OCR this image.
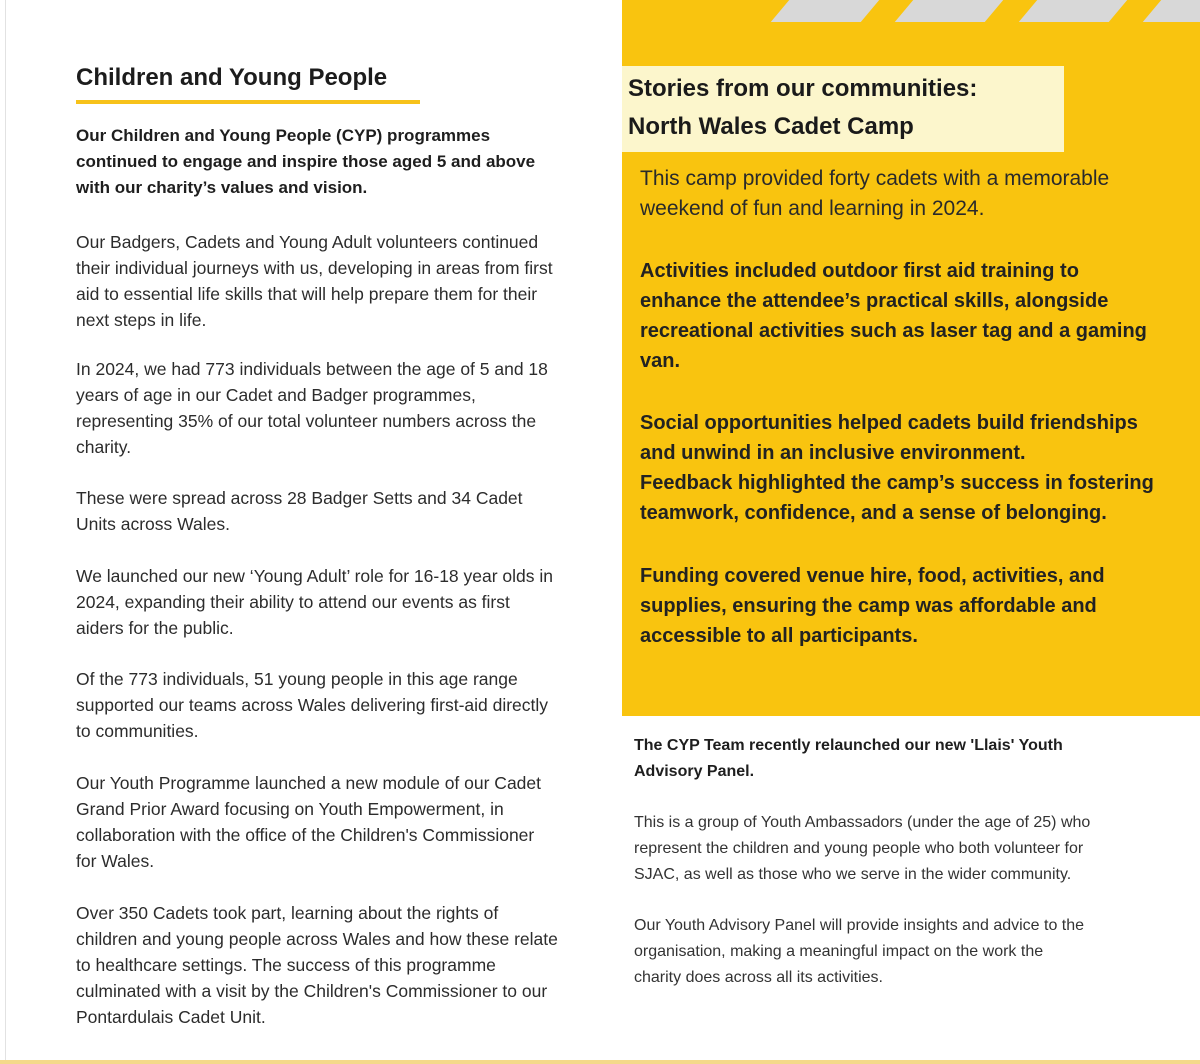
Children and Young People

Our Children and Young People (CYP) programmes
continued to engage and inspire those aged 5 and above
with our charity’s values and vision.

Our Badgers, Cadets and Young Adult volunteers continued
their individual journeys with us, developing in areas from first
aid to essential life skills that will help prepare them for their
next steps in life.

In 2024, we had 773 individuals between the age of 5 and 18
years of age in our Cadet and Badger programmes,
representing 35% of our total volunteer numbers across the
charity.

These were spread across 28 Badger Setts and 34 Cadet
Units across Wales.

We launched our new ‘Young Adult’ role for 16-18 year olds in
2024, expanding their ability to attend our events as first
aiders for the public.

Of the 773 individuals, 51 young people in this age range
supported our teams across Wales delivering first-aid directly
to communities.

Our Youth Programme launched a new module of our Cadet
Grand Prior Award focusing on Youth Empowerment, in
collaboration with the office of the Children's Commissioner
for Wales.

Over 350 Cadets took part, learning about the rights of
children and young people across Wales and how these relate
to healthcare settings. The success of this programme
culminated with a visit by the Children's Commissioner to our
Pontardulais Cadet Unit.

Stories from our communities:
North Wales Cadet Camp

This camp provided forty cadets with a memorable
weekend of fun and learning in 2024.

Activities included outdoor first aid training to
enhance the attendee’s practical skills, alongside
recreational activities such as laser tag and a gaming
van.

Social opportunities helped cadets build friendships
and unwind in an inclusive environment.
Feedback highlighted the camp’s success in fostering
teamwork, confidence, and a sense of belonging.

Funding covered venue hire, food, activities, and
supplies, ensuring the camp was affordable and
accessible to all participants.

The CYP Team recently relaunched our new 'Llais' Youth
Advisory Panel.

This is a group of Youth Ambassadors (under the age of 25) who
represent the children and young people who both volunteer for
SJAC, as well as those who we serve in the wider community.

Our Youth Advisory Panel will provide insights and advice to the
organisation, making a meaningful impact on the work the
charity does across all its activities.
